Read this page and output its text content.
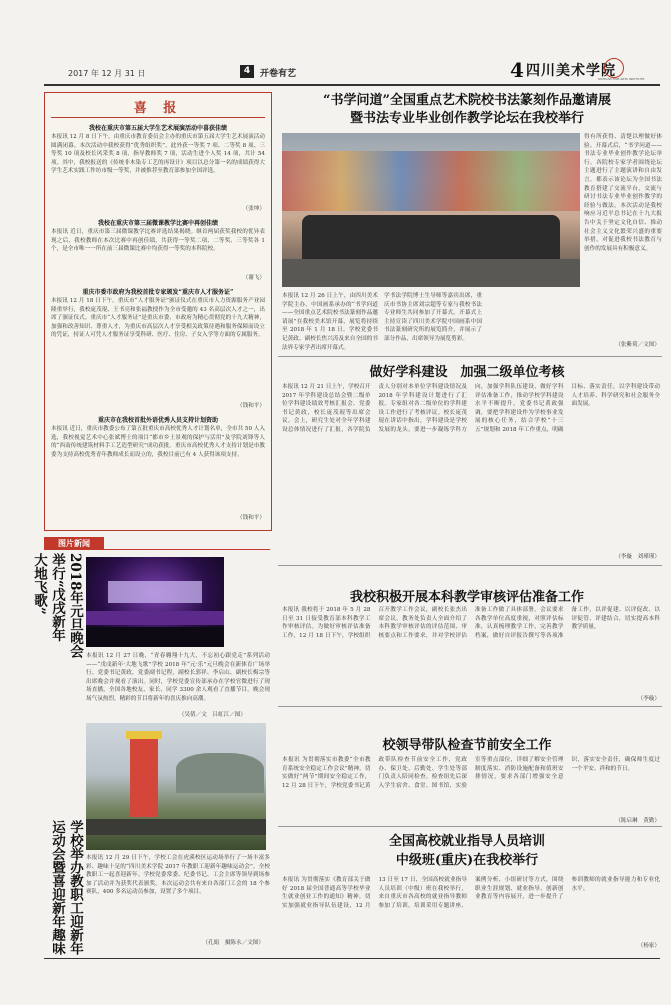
2017 年 12 月 31 日	4	开卷有艺	4 四川美术学院
SICHUAN FINE ARTS INSTITUTE
喜 报
我校在重庆市第五届大学生艺术展演活动中喜获佳绩
本报讯 12 月 8 日下午，由重庆市教育委员会主办的重庆市第五届大学生艺术展演活动圆满闭幕。本次活动中我校获得“优秀组织奖”，此外获一等奖 7 项、二等奖 8 项、三等奖 10 项及校长风采奖 8 项，指导教师奖 7 项，活动生进个人奖 14 项，共计 54 项。其中，我校报送的《传统非木染专工艺的再设计》项目以总分第一名的成绩获得大学生艺术实践工作坊市级一等奖，并被推荐至教育部参加全国评选。
（张坤）
我校在重庆市第三届微课教学比赛中再创佳绩
本报讯 近日，重庆市第三届微课教学比赛评选结果揭晓。继首两届获奖我校的优异表现之后，我校教师在本次比赛中再创佳绩，共获得一等奖二项、二等奖、三等奖各 1 个，是全市唯一一所在前三届微课比赛中均获得一等奖的本科院校。
（谢飞）
重庆市委市政府为我校首批专家颁发“重庆市人才服务证”
本报讯 12 月 18 日下午，重庆市“人才服务证”颁证仪式在重庆市人力资源服务产业园隆重举行，我校庞茂琨、王书亮和张福教授作为全市受邀的 43 名高层次人才之一，出席了颁证仪式。重庆市“人才服务证”是重庆市委、市政府为精心贯彻党的十九大精神，加强和改善知识、尊重人才，为重庆市高层次人才享受相关政策待遇和服务保障而设立的凭证，持证人可凭人才服务证享受科研、医疗、住房、子女入学等方面的专属服务。
（钱和平）
重庆市在我校首批外语优秀人员支持计划资助
本报讯 近日，重庆市教委公布了第五批重庆市高校优秀人才计划名单，全市共 50 人入选，我校视觉艺术中心张斌博士的项目“都市乡土景观的保护与活用”及学院刘锋等人的“西南传统建筑材料手工艺造型研究”成功获批。重庆市高校优秀人才支持计划是市教委为支持高校优秀青年教师成长而设立的，我校目前已有 4 人获得该项支持。
（钱和平）
图片新闻
2018年元旦晚会举行“戊戌新年　大地飞歌”
本报讯 12 月 27 日晚，“青春翱翔十九大，不忘初心跟党走”系列活动——“戊戌新年·大地飞歌”学校 2018 年“元·乐”元旦晚会在新体育广场举行。党委书记黄政，党委副书记程，副校长郭祥、李启山、副校长梅宗等出席晚会并观看了演出。同时，学校党委宣传部承办在学校官微进行了现场直播，全国各地校友、家长、同学 3300 余人观看了直播节目。晚会现场气氛热烈，精彩的节目将新年的喜庆推向高潮。
（吴倩／文　吕虹江／图）
学校举办教职工迎新年运动会暨喜迎新年趣味	本报讯 12 月 29 日下午，学校工会在虎溪校区运动场举行了一场丰富多彩、趣味十足的“四川美术学院 2017 年教职工迎新年趣味运动会”，全校教职工一起喜迎新年。学校党委常委、纪委书记、工会主席等领导到场参加了活动并为获奖代表颁奖。本次运动会共有来自各部门工会的 18 个参赛队，400 多名运动员参加，设置了多个项目。
（孔娟　摄陈永／文图）
“书学问道”全国重点艺术院校书法篆刻作品邀请展
暨书法专业毕业创作教学论坛在我校举行
本报讯 12 月 26 日上午，由四川美术学院主办，中国画系承办的“书学问道——全国重点艺术院校书法篆刻作品邀请展”在我校美术馆开幕，展览将持续至 2018 年 1 月 18 日。学校党委书记黄政、副校长焦兴涛及来自全国的书法界专家学者出席开幕式。
学书法学院博士生导师等嘉宾出席，重庆市书协主席刘宗超等专家与我校书法专业师生共同参加了开幕式。开幕式上主持宣读了四川美术学院中国画系中国书法篆刻研究所的展览简介，并展示了部分作品，出席领导为展览剪彩。
得有所获得、清楚以理做好体验。开幕式后，“书学问道——书法专业毕业创作教学论坛举行。各院校专家学者围绕论坛主题进行了主题演讲和自由发言，都表示该论坛为全国书法教育搭建了交流平台，交流与研讨书法专业毕业创作教学的经验与做法。本次活动是我校响应习近平总书记在十九大报告中关于坚定文化自信、推动社会主义文化繁荣兴盛的重要举措，对促进我校书法教育与创作的发展具有积极意义。
（张紫荷／文图）
做好学科建设　加强二级单位考核
本报讯 12 月 21 日上午，学校召开 2017 年学科建设总结会暨二级单位学科建设绩效考核汇报会。党委书记黄政，校长庞茂琨等出席会议。会上，研究生处对全年学科建设总体情况进行了汇报，各学院负责人分别对本单位学科建设情况及 2018 年学科建设计划进行了汇报。专家组对各二级单位的学科建设工作进行了考核评议。校长庞茂琨在讲话中指出，学科建设是学校发展的龙头，要进一步凝练学科方向，加强学科队伍建设，做好学科评估准备工作，推动学校学科建设水平不断提升。党委书记黄政强调，要把学科建设作为学校事业发展的核心任务，结合学校“十三五”规划和 2018 年工作重点，明确目标、落实责任，以学科建设带动人才培养、科学研究和社会服务全面发展。
（李璇　刘瑾瑾）
我校积极开展本科教学审核评估准备工作
本报讯 我校将于 2018 年 5 月 28 日至 31 日接受教育部本科教学工作审核评估。为做好审核评估准备工作，12 月 18 日下午，学校组织召开教学工作会议，副校长张杰出席会议。教务处负责人全面介绍了本科教学审核评估的评估范围、审核要点和工作要求，并对学校评估准备工作做了具体部署。会议要求各教学单位高度重视，对照评估标准，认真梳理教学工作，完善教学档案，做好自评报告撰写等各项准备工作，以评促建、以评促改、以评促管、评建结合，切实提高本科教学质量。
（李璇）
校领导带队检查节前安全工作
本报讯 为贯彻落实市教委“全市教育系统安全稳定工作会议”精神，切实做好“两节”期间安全稳定工作，12 月 28 日下午，学校党委书记黄政带队检查节前安全工作，党政办、保卫处、后勤处、学生处等部门负责人陪同检查。检查组先后深入学生宿舍、食堂、图书馆、实验室等重点部位，详细了解安全管理制度落实、消防设施配备和值班安排情况，要求各部门增强安全意识，落实安全责任，确保师生度过一个平安、祥和的节日。
（陈启琳　黄勤）
全国高校就业指导人员培训
中级班(重庆)在我校举行
本报讯 为贯彻落实《教育部关于做好 2018 届全国普通高等学校毕业生就业创业工作的通知》精神，切实加强就业指导队伍建设，12 月 13 日至 17 日，全国高校就业指导人员培训（中级）班在我校举行，来自重庆市各高校的就业指导教师参加了培训。培训采用专题讲座、案例分析、小组研讨等方式，围绕职业生涯规划、就业指导、创新创业教育等内容展开，进一步提升了参训教师的就业指导能力和专业化水平。
（杨家）
